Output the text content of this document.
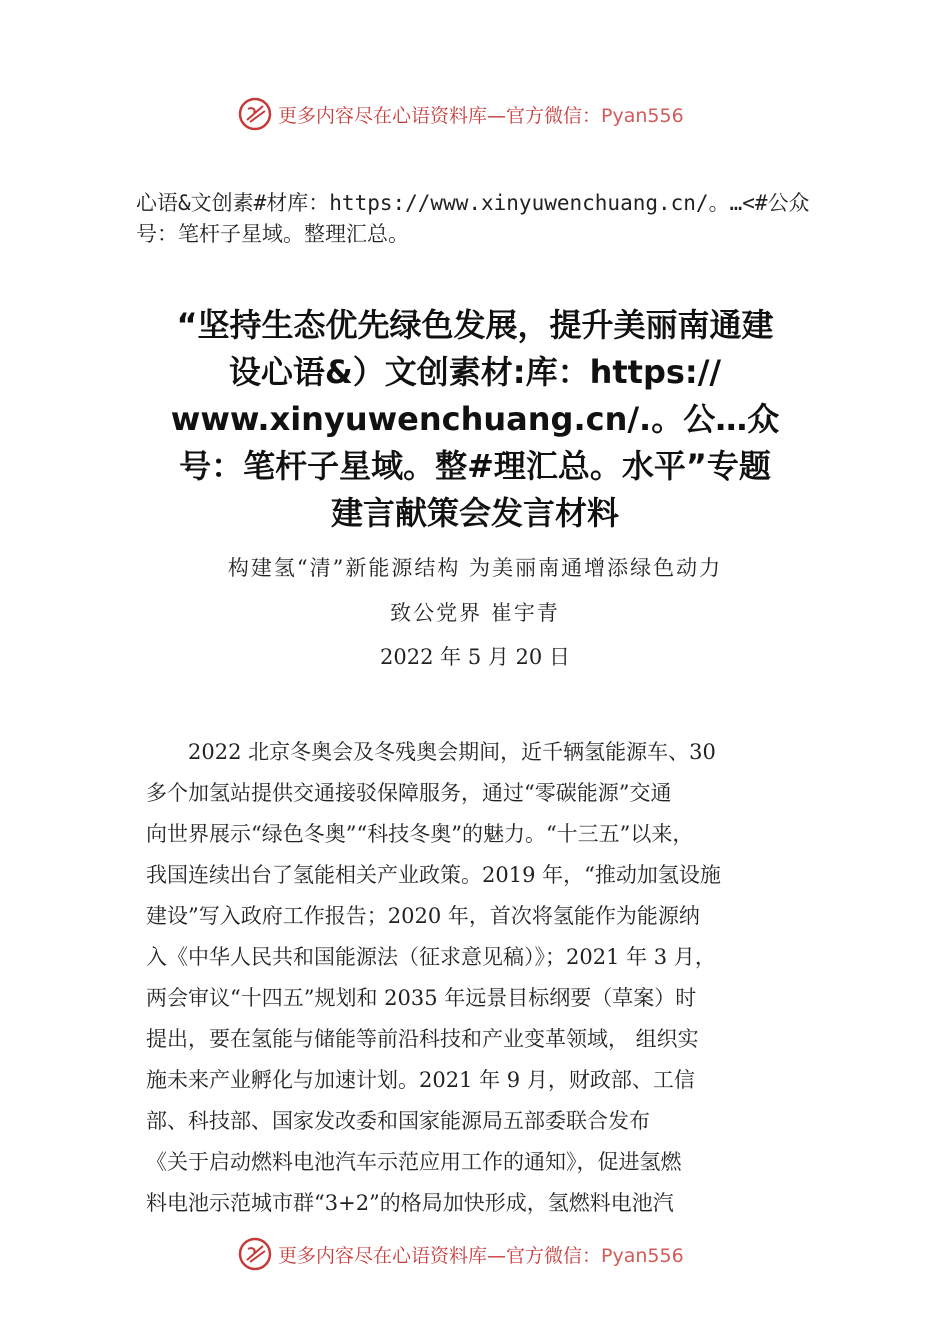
更多内容尽在心语资料库—官方微信：Pyan556
心语&文创素#材库：https://www.xinyuwenchuang.cn/。…<#公众号：笔杆子星域。整理汇总。
“坚持生态优先绿色发展，提升美丽南通建
设心语&）文创素材:库：https://
www.xinyuwenchuang.cn/.。公…众
号：笔杆子星域。整#理汇总。水平”专题
建言献策会发言材料
构建氢“清”新能源结构 为美丽南通增添绿色动力
致公党界 崔宇青
2022 年 5 月 20 日
　　2022 北京冬奥会及冬残奥会期间，近千辆氢能源车、30
多个加氢站提供交通接驳保障服务，通过“零碳能源”交通
向世界展示“绿色冬奥”“科技冬奥”的魅力。“十三五”以来，
我国连续出台了氢能相关产业政策。2019 年，“推动加氢设施
建设”写入政府工作报告；2020 年，首次将氢能作为能源纳
入《中华人民共和国能源法（征求意见稿）》；2021 年 3 月，
两会审议“十四五”规划和 2035 年远景目标纲要（草案）时
提出，要在氢能与储能等前沿科技和产业变革领域， 组织实
施未来产业孵化与加速计划。2021 年 9 月，财政部、工信
部、科技部、国家发改委和国家能源局五部委联合发布
《关于启动燃料电池汽车示范应用工作的通知》，促进氢燃
料电池示范城市群“3+2”的格局加快形成，氢燃料电池汽
更多内容尽在心语资料库—官方微信：Pyan556
